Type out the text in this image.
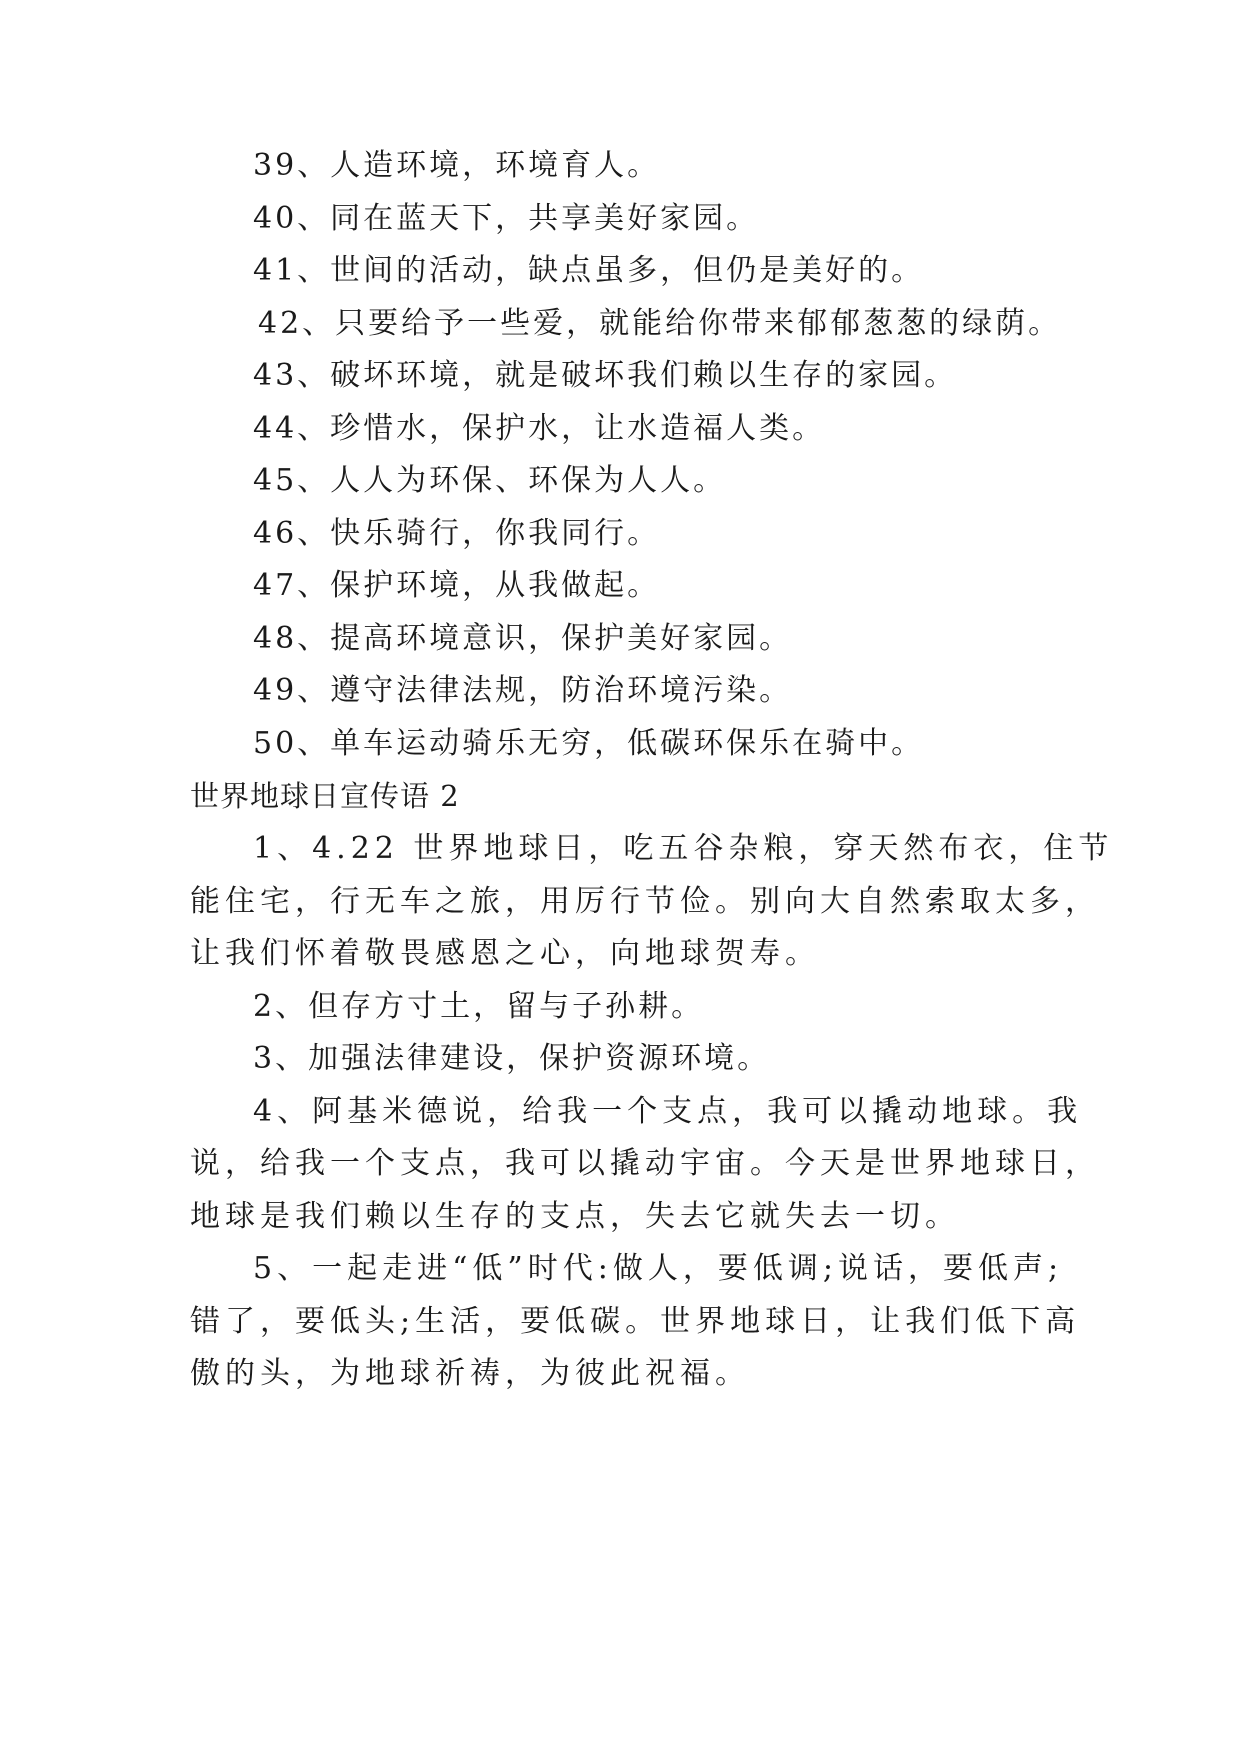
39、人造环境，环境育人。
40、同在蓝天下，共享美好家园。
41、世间的活动，缺点虽多，但仍是美好的。
42、只要给予一些爱，就能给你带来郁郁葱葱的绿荫。
43、破坏环境，就是破坏我们赖以生存的家园。
44、珍惜水，保护水，让水造福人类。
45、人人为环保、环保为人人。
46、快乐骑行，你我同行。
47、保护环境，从我做起。
48、提高环境意识，保护美好家园。
49、遵守法律法规，防治环境污染。
50、单车运动骑乐无穷，低碳环保乐在骑中。
世界地球日宣传语 2
1、4.22 世界地球日，吃五谷杂粮，穿天然布衣，住节
能住宅，行无车之旅，用厉行节俭。别向大自然索取太多，
让我们怀着敬畏感恩之心，向地球贺寿。
2、但存方寸土，留与子孙耕。
3、加强法律建设，保护资源环境。
4、阿基米德说，给我一个支点，我可以撬动地球。我
说，给我一个支点，我可以撬动宇宙。今天是世界地球日，
地球是我们赖以生存的支点，失去它就失去一切。
5、一起走进“低”时代:做人，要低调;说话，要低声;
错了，要低头;生活，要低碳。世界地球日，让我们低下高
傲的头，为地球祈祷，为彼此祝福。
